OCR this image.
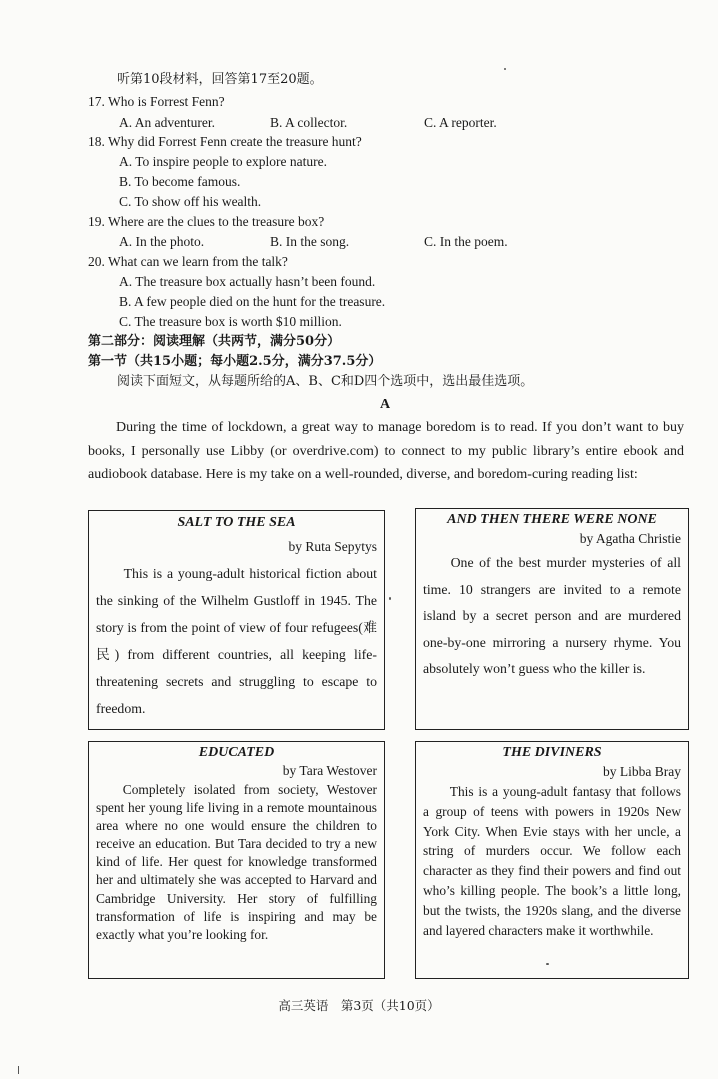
听第10段材料，回答第17至20题。
17. Who is Forrest Fenn?
A. An adventurer.	B. A collector.	C. A reporter.
18. Why did Forrest Fenn create the treasure hunt?
A. To inspire people to explore nature.
B. To become famous.
C. To show off his wealth.
19. Where are the clues to the treasure box?
A. In the photo.	B. In the song.	C. In the poem.
20. What can we learn from the talk?
A. The treasure box actually hasn’t been found.
B. A few people died on the hunt for the treasure.
C. The treasure box is worth $10 million.
第二部分：阅读理解（共两节，满分50分）
第一节（共15小题；每小题2.5分，满分37.5分）
阅读下面短文，从每题所给的A、B、C和D四个选项中，选出最佳选项。
A
During the time of lockdown, a great way to manage boredom is to read. If you don’t want to buy books, I personally use Libby (or overdrive.com) to connect to my public library’s entire ebook and audiobook database. Here is my take on a well-rounded, diverse, and boredom-curing reading list:
SALT TO THE SEA
by Ruta Sepytys
This is a young-adult historical fiction about the sinking of the Wilhelm Gustloff in 1945. The story is from the point of view of four refugees(难民) from different countries, all keeping life-threatening secrets and struggling to escape to freedom.
AND THEN THERE WERE NONE
by Agatha Christie
One of the best murder mysteries of all time. 10 strangers are invited to a remote island by a secret person and are murdered one-by-one mirroring a nursery rhyme. You absolutely won’t guess who the killer is.
EDUCATED
by Tara Westover
Completely isolated from society, Westover spent her young life living in a remote mountainous area where no one would ensure the children to receive an education. But Tara decided to try a new kind of life. Her quest for knowledge transformed her and ultimately she was accepted to Harvard and Cambridge University. Her story of fulfilling transformation of life is inspiring and may be exactly what you’re looking for.
THE DIVINERS
by Libba Bray
This is a young-adult fantasy that follows a group of teens with powers in 1920s New York City. When Evie stays with her uncle, a string of murders occur. We follow each character as they find their powers and find out who’s killing people. The book’s a little long, but the twists, the 1920s slang, and the diverse and layered characters make it worthwhile.
高三英语　第3页（共10页）
